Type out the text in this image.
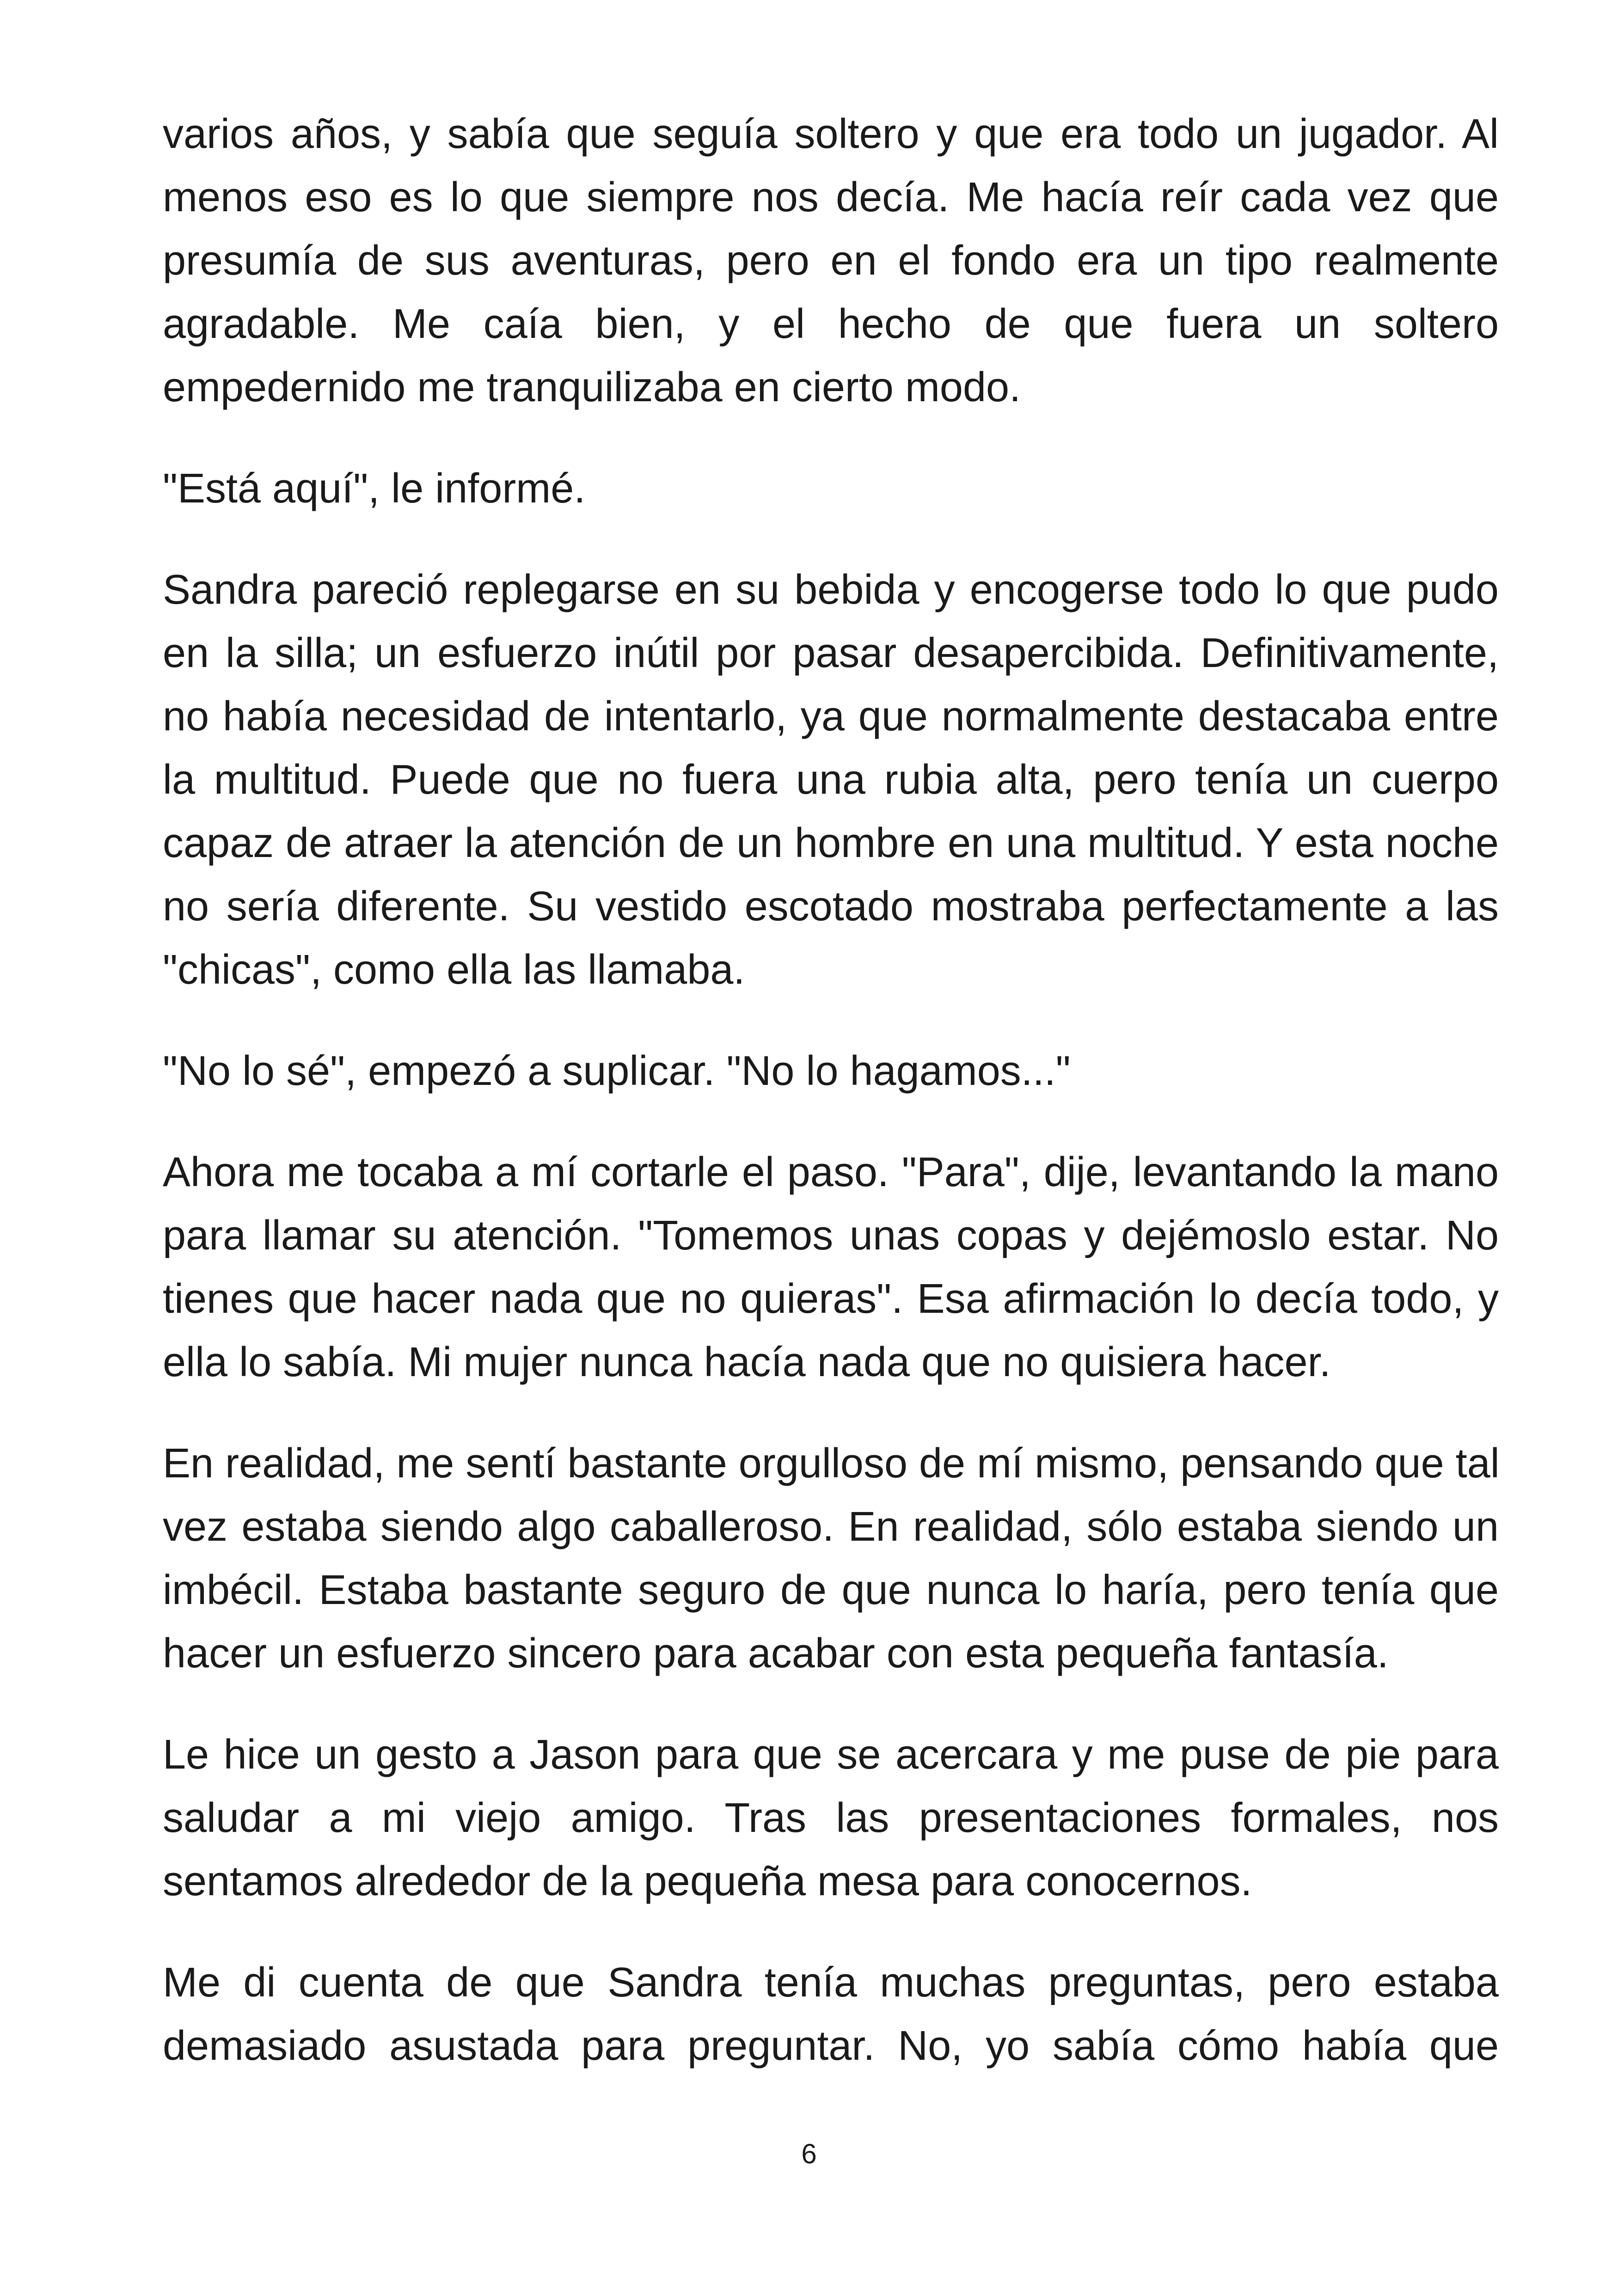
varios años, y sabía que seguía soltero y que era todo un jugador. Al
menos eso es lo que siempre nos decía. Me hacía reír cada vez que
presumía de sus aventuras, pero en el fondo era un tipo realmente
agradable. Me caía bien, y el hecho de que fuera un soltero
empedernido me tranquilizaba en cierto modo.
"Está aquí", le informé.
Sandra pareció replegarse en su bebida y encogerse todo lo que pudo
en la silla; un esfuerzo inútil por pasar desapercibida. Definitivamente,
no había necesidad de intentarlo, ya que normalmente destacaba entre
la multitud. Puede que no fuera una rubia alta, pero tenía un cuerpo
capaz de atraer la atención de un hombre en una multitud. Y esta noche
no sería diferente. Su vestido escotado mostraba perfectamente a las
"chicas", como ella las llamaba.
"No lo sé", empezó a suplicar. "No lo hagamos..."
Ahora me tocaba a mí cortarle el paso. "Para", dije, levantando la mano
para llamar su atención. "Tomemos unas copas y dejémoslo estar. No
tienes que hacer nada que no quieras". Esa afirmación lo decía todo, y
ella lo sabía. Mi mujer nunca hacía nada que no quisiera hacer.
En realidad, me sentí bastante orgulloso de mí mismo, pensando que tal
vez estaba siendo algo caballeroso. En realidad, sólo estaba siendo un
imbécil. Estaba bastante seguro de que nunca lo haría, pero tenía que
hacer un esfuerzo sincero para acabar con esta pequeña fantasía.
Le hice un gesto a Jason para que se acercara y me puse de pie para
saludar a mi viejo amigo. Tras las presentaciones formales, nos
sentamos alrededor de la pequeña mesa para conocernos.
Me di cuenta de que Sandra tenía muchas preguntas, pero estaba
demasiado asustada para preguntar. No, yo sabía cómo había que
6
